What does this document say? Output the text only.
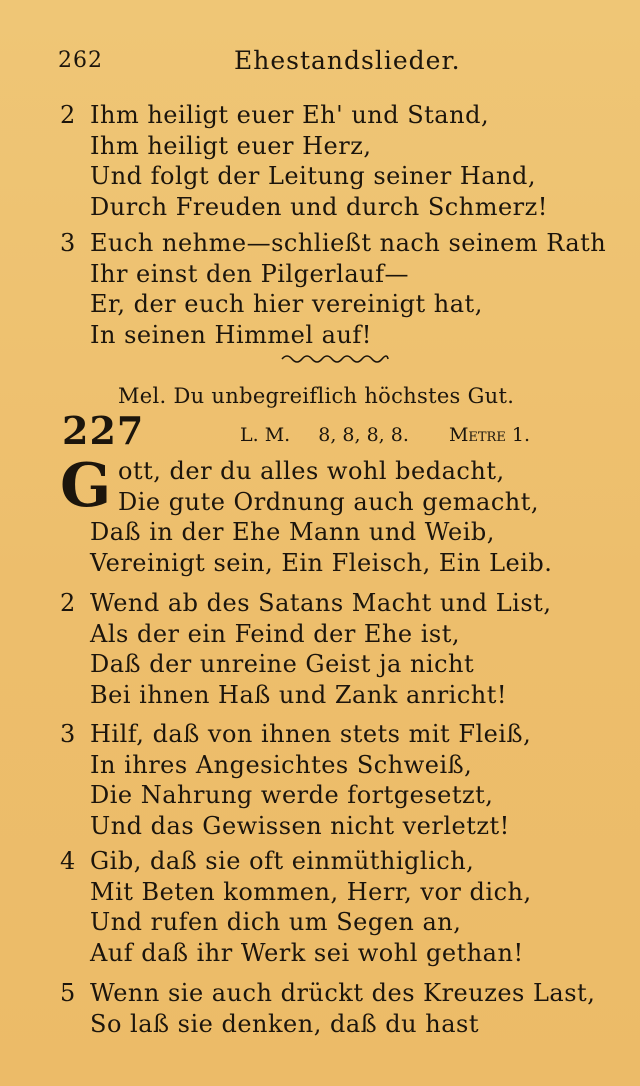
262	Ehestandslieder.
2 Ihm heiligt euer Eh' und Stand,
Ihm heiligt euer Herz,
Und folgt der Leitung seiner Hand,
Durch Freuden und durch Schmerz!
3 Euch nehme—schließt nach seinem Rath
Ihr einst den Pilgerlauf—
Er, der euch hier vereinigt hat,
In seinen Himmel auf!
Mel. Du unbegreiflich höchstes Gut.
227	L. M. 8, 8, 8, 8. Metre 1.
G ott, der du alles wohl bedacht,
Die gute Ordnung auch gemacht,
Daß in der Ehe Mann und Weib,
Vereinigt sein, Ein Fleisch, Ein Leib.
2 Wend ab des Satans Macht und List,
Als der ein Feind der Ehe ist,
Daß der unreine Geist ja nicht
Bei ihnen Haß und Zank anricht!
3 Hilf, daß von ihnen stets mit Fleiß,
In ihres Angesichtes Schweiß,
Die Nahrung werde fortgesetzt,
Und das Gewissen nicht verletzt!
4 Gib, daß sie oft einmüthiglich,
Mit Beten kommen, Herr, vor dich,
Und rufen dich um Segen an,
Auf daß ihr Werk sei wohl gethan!
5 Wenn sie auch drückt des Kreuzes Last,
So laß sie denken, daß du hast
